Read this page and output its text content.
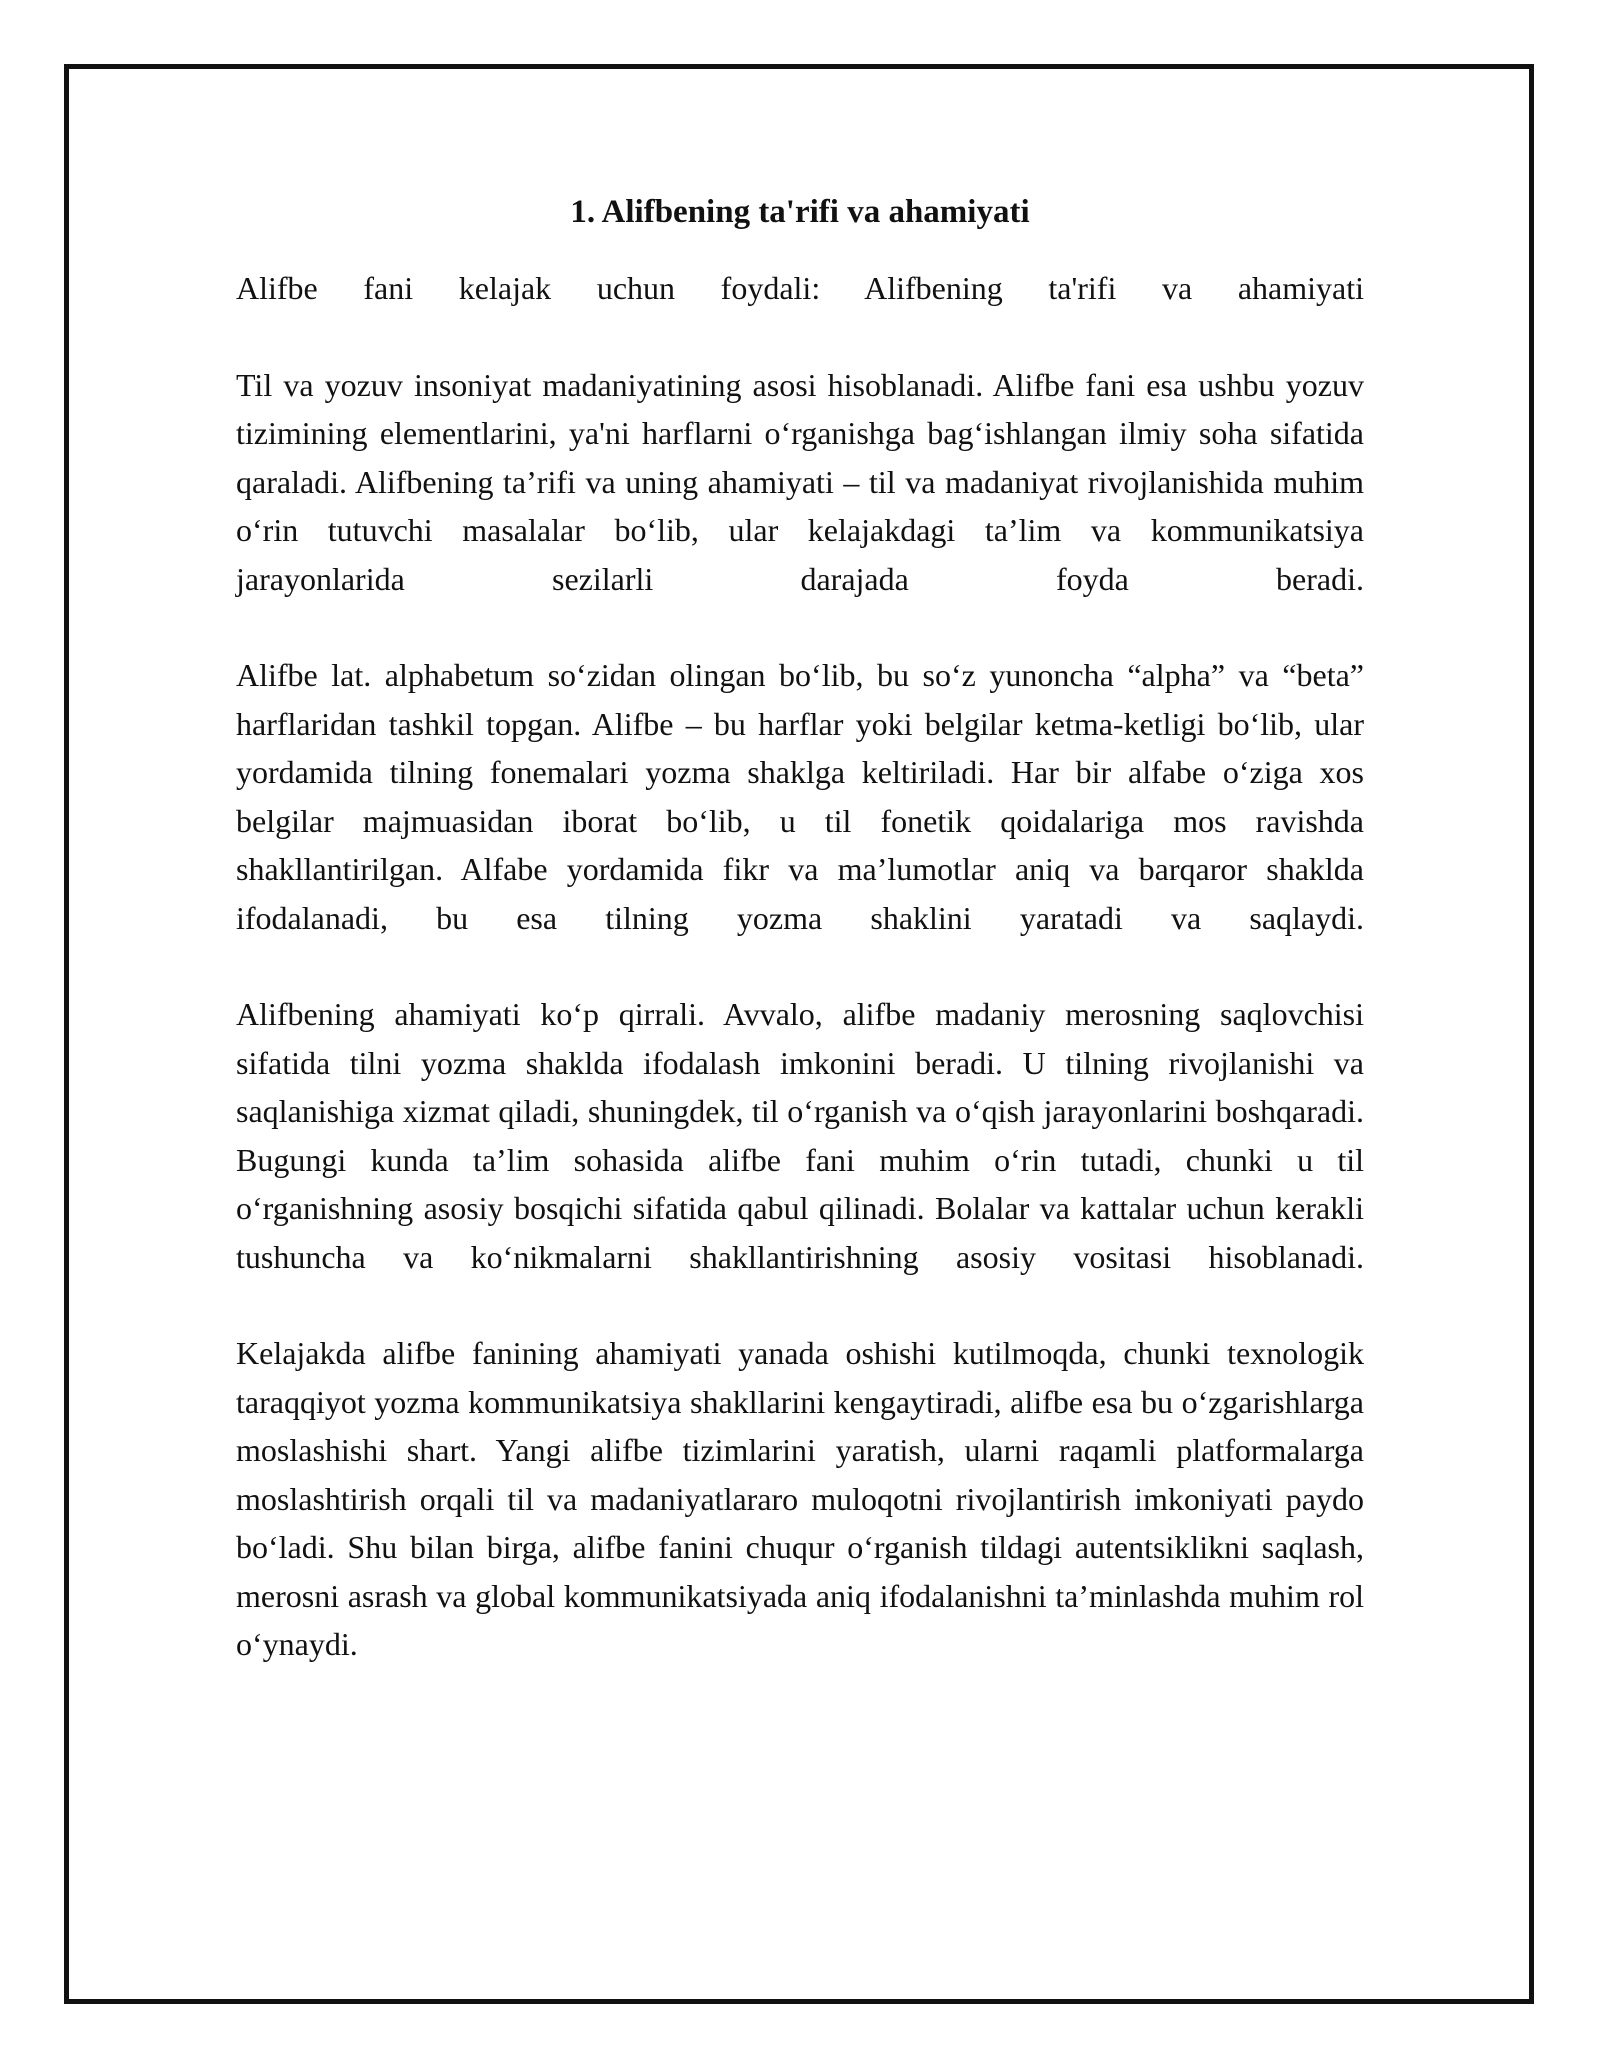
1. Alifbening ta'rifi va ahamiyati

Alifbe fani kelajak uchun foydali: Alifbening ta'rifi va ahamiyati

Til va yozuv insoniyat madaniyatining asosi hisoblanadi. Alifbe fani esa ushbu yozuv tizimining elementlarini, ya'ni harflarni o‘rganishga bag‘ishlangan ilmiy soha sifatida qaraladi. Alifbening ta’rifi va uning ahamiyati – til va madaniyat rivojlanishida muhim o‘rin tutuvchi masalalar bo‘lib, ular kelajakdagi ta’lim va kommunikatsiya jarayonlarida sezilarli darajada foyda beradi.

Alifbe lat. alphabetum so‘zidan olingan bo‘lib, bu so‘z yunoncha “alpha” va “beta” harflaridan tashkil topgan. Alifbe – bu harflar yoki belgilar ketma-ketligi bo‘lib, ular yordamida tilning fonemalari yozma shaklga keltiriladi. Har bir alfabe o‘ziga xos belgilar majmuasidan iborat bo‘lib, u til fonetik qoidalariga mos ravishda shakllantirilgan. Alfabe yordamida fikr va ma’lumotlar aniq va barqaror shaklda ifodalanadi, bu esa tilning yozma shaklini yaratadi va saqlaydi.

Alifbening ahamiyati ko‘p qirrali. Avvalo, alifbe madaniy merosning saqlovchisi sifatida tilni yozma shaklda ifodalash imkonini beradi. U tilning rivojlanishi va saqlanishiga xizmat qiladi, shuningdek, til o‘rganish va o‘qish jarayonlarini boshqaradi. Bugungi kunda ta’lim sohasida alifbe fani muhim o‘rin tutadi, chunki u til o‘rganishning asosiy bosqichi sifatida qabul qilinadi. Bolalar va kattalar uchun kerakli tushuncha va ko‘nikmalarni shakllantirishning asosiy vositasi hisoblanadi.

Kelajakda alifbe fanining ahamiyati yanada oshishi kutilmoqda, chunki texnologik taraqqiyot yozma kommunikatsiya shakllarini kengaytiradi, alifbe esa bu o‘zgarishlarga moslashishi shart. Yangi alifbe tizimlarini yaratish, ularni raqamli platformalarga moslashtirish orqali til va madaniyatlararo muloqotni rivojlantirish imkoniyati paydo bo‘ladi. Shu bilan birga, alifbe fanini chuqur o‘rganish tildagi autentsiklikni saqlash, merosni asrash va global kommunikatsiyada aniq ifodalanishni ta’minlashda muhim rol o‘ynaydi.
